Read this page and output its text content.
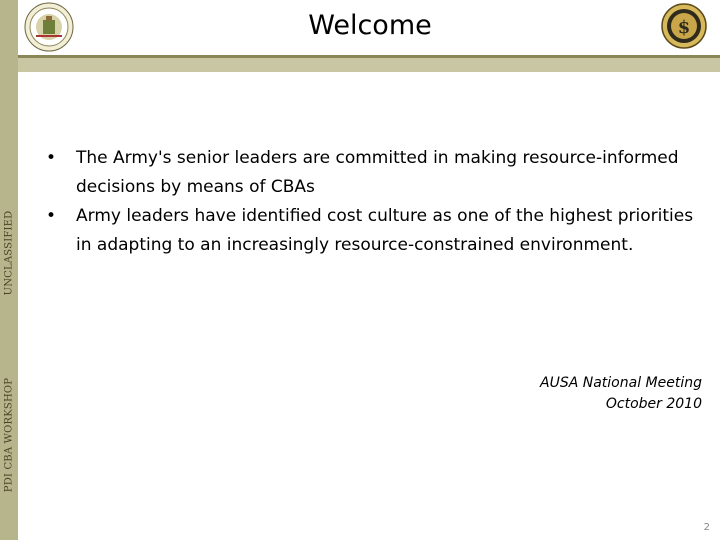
UNCLASSIFIED
PDI CBA WORKSHOP
Welcome	$
• The Army's senior leaders are committed in making resource-informed decisions by means of CBAs
• Army leaders have identified cost culture as one of the highest priorities in adapting to an increasingly resource-constrained environment.
AUSA National Meeting
October 2010
2
